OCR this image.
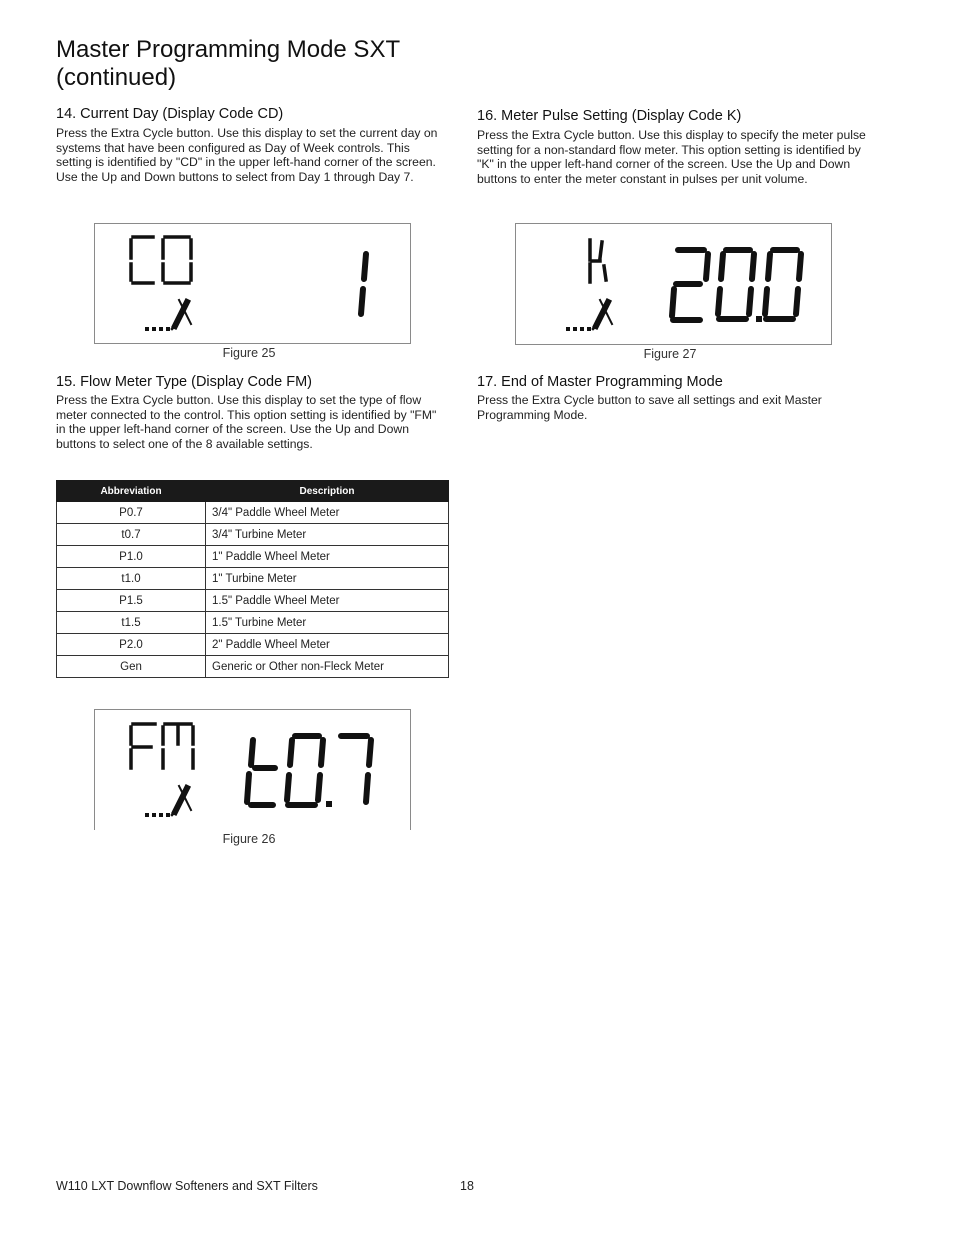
Master Programming Mode SXT
(continued)
14. Current Day (Display Code CD)

Press the Extra Cycle button. Use this display to set the current day on systems that have been configured as Day of Week controls. This setting is identified by "CD" in the upper left-hand corner of the screen. Use the Up and Down buttons to select from Day 1 through Day 7.

Figure 25
15. Flow Meter Type (Display Code FM)

Press the Extra Cycle button. Use this display to set the type of flow meter connected to the control. This option setting is identified by "FM" in the upper left-hand corner of the screen. Use the Up and Down buttons to select one of the 8 available settings.

Abbreviation	Description
P0.7	3/4" Paddle Wheel Meter
t0.7	3/4" Turbine Meter
P1.0	1" Paddle Wheel Meter
t1.0	1" Turbine Meter
P1.5	1.5" Paddle Wheel Meter
t1.5	1.5" Turbine Meter
P2.0	2" Paddle Wheel Meter
Gen	Generic or Other non-Fleck Meter
Figure 26
16. Meter Pulse Setting (Display Code K)

Press the Extra Cycle button. Use this display to specify the meter pulse setting for a non-standard flow meter. This option setting is identified by "K" in the upper left-hand corner of the screen. Use the Up and Down buttons to enter the meter constant in pulses per unit volume.

Figure 27
17. End of Master Programming Mode

Press the Extra Cycle button to save all settings and exit Master Programming Mode.

W110 LXT Downflow Softeners and SXT Filters	18
